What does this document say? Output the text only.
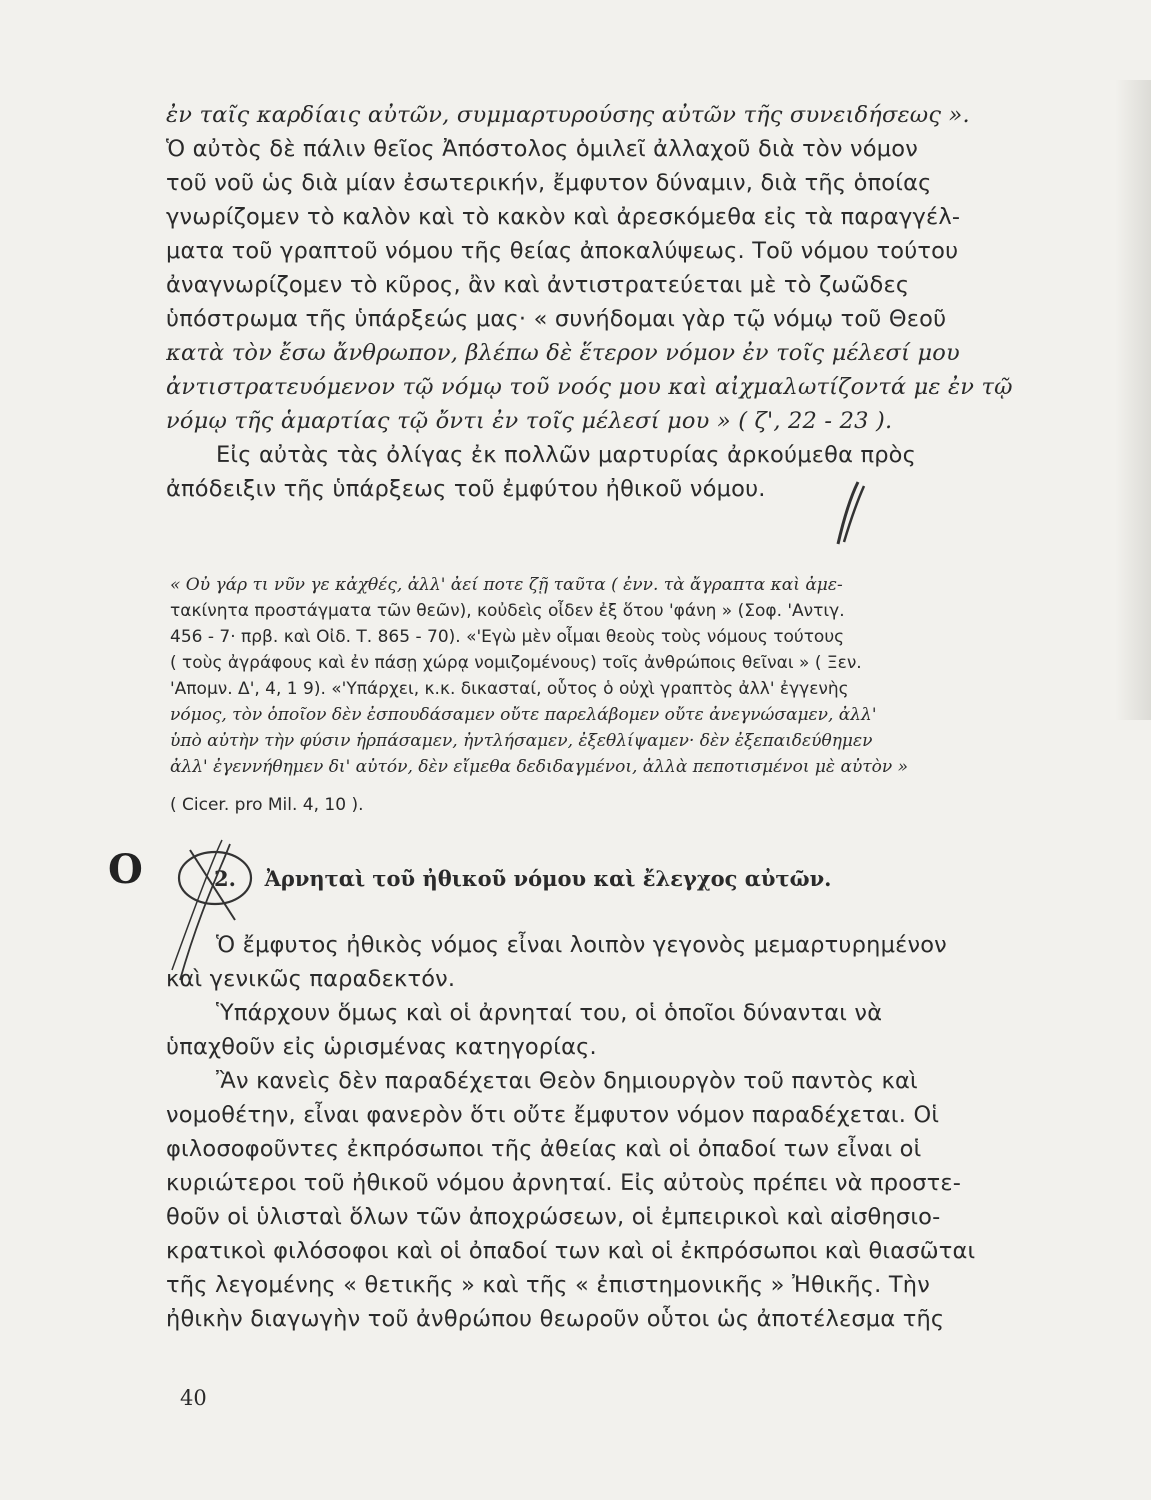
ἐν ταῖς καρδίαις αὐτῶν, συμμαρτυρούσης αὐτῶν τῆς συνειδήσεως ».
Ὁ αὐτὸς δὲ πάλιν θεῖος Ἀπόστολος ὁμιλεῖ ἀλλαχοῦ διὰ τὸν νόμον
τοῦ νοῦ ὡς διὰ μίαν ἐσωτερικήν, ἔμφυτον δύναμιν, διὰ τῆς ὁποίας
γνωρίζομεν τὸ καλὸν καὶ τὸ κακὸν καὶ ἀρεσκόμεθα εἰς τὰ παραγγέλ-
ματα τοῦ γραπτοῦ νόμου τῆς θείας ἀποκαλύψεως. Τοῦ νόμου τούτου
ἀναγνωρίζομεν τὸ κῦρος, ἂν καὶ ἀντιστρατεύεται μὲ τὸ ζωῶδες
ὑπόστρωμα τῆς ὑπάρξεώς μας· « συνήδομαι γὰρ τῷ νόμῳ τοῦ Θεοῦ
κατὰ τὸν ἔσω ἄνθρωπον, βλέπω δὲ ἕτερον νόμον ἐν τοῖς μέλεσί μου
ἀντιστρατευόμενον τῷ νόμῳ τοῦ νοός μου καὶ αἰχμαλωτίζοντά με ἐν τῷ
νόμῳ τῆς ἁμαρτίας τῷ ὄντι ἐν τοῖς μέλεσί μου » ( ζ', 22 - 23 ).
Εἰς αὐτὰς τὰς ὀλίγας ἐκ πολλῶν μαρτυρίας ἀρκούμεθα πρὸς
ἀπόδειξιν τῆς ὑπάρξεως τοῦ ἐμφύτου ἠθικοῦ νόμου.
« Οὐ γάρ τι νῦν γε κἀχθές, ἀλλ' ἀεί ποτε ζῇ ταῦτα ( ἐνν. τὰ ἄγραπτα καὶ ἀμε-
τακίνητα προστάγματα τῶν θεῶν), κοὐδεὶς οἶδεν ἐξ ὅτου 'φάνη » (Σοφ. 'Αντιγ.
456 - 7· πρβ. καὶ Οἰδ. Τ. 865 - 70). «'Εγὼ μὲν οἶμαι θεοὺς τοὺς νόμους τούτους
( τοὺς ἀγράφους καὶ ἐν πάσῃ χώρᾳ νομιζομένους) τοῖς ἀνθρώποις θεῖναι » ( Ξεν.
'Απομν. Δ', 4, 1 9). «'Υπάρχει, κ.κ. δικασταί, οὗτος ὁ οὐχὶ γραπτὸς ἀλλ' ἐγγενὴς
νόμος, τὸν ὁποῖον δὲν ἐσπουδάσαμεν οὔτε παρελάβομεν οὔτε ἀνεγνώσαμεν, ἀλλ'
ὑπὸ αὐτὴν τὴν φύσιν ἡρπάσαμεν, ἠντλήσαμεν, ἐξεθλίψαμεν· δὲν ἐξεπαιδεύθημεν
ἀλλ' ἐγεννήθημεν δι' αὐτόν, δὲν εἴμεθα δεδιδαγμένοι, ἀλλὰ πεποτισμένοι μὲ αὐτὸν »
( Cicer. pro Mil. 4, 10 ).
2. Ἀρνηταὶ τοῦ ἠθικοῦ νόμου καὶ ἔλεγχος αὐτῶν.
Ο
Ὁ ἔμφυτος ἠθικὸς νόμος εἶναι λοιπὸν γεγονὸς μεμαρτυρημένον
καὶ γενικῶς παραδεκτόν.
Ὑπάρχουν ὅμως καὶ οἱ ἀρνηταί του, οἱ ὁποῖοι δύνανται νὰ
ὑπαχθοῦν εἰς ὡρισμένας κατηγορίας.
Ἂν κανεὶς δὲν παραδέχεται Θεὸν δημιουργὸν τοῦ παντὸς καὶ
νομοθέτην, εἶναι φανερὸν ὅτι οὔτε ἔμφυτον νόμον παραδέχεται. Οἱ
φιλοσοφοῦντες ἐκπρόσωποι τῆς ἀθείας καὶ οἱ ὀπαδοί των εἶναι οἱ
κυριώτεροι τοῦ ἠθικοῦ νόμου ἀρνηταί. Εἰς αὐτοὺς πρέπει νὰ προστε-
θοῦν οἱ ὑλισταὶ ὅλων τῶν ἀποχρώσεων, οἱ ἐμπειρικοὶ καὶ αἰσθησιο-
κρατικοὶ φιλόσοφοι καὶ οἱ ὀπαδοί των καὶ οἱ ἐκπρόσωποι καὶ θιασῶται
τῆς λεγομένης « θετικῆς » καὶ τῆς « ἐπιστημονικῆς » Ἠθικῆς. Τὴν
ἠθικὴν διαγωγὴν τοῦ ἀνθρώπου θεωροῦν οὗτοι ὡς ἀποτέλεσμα τῆς
40
